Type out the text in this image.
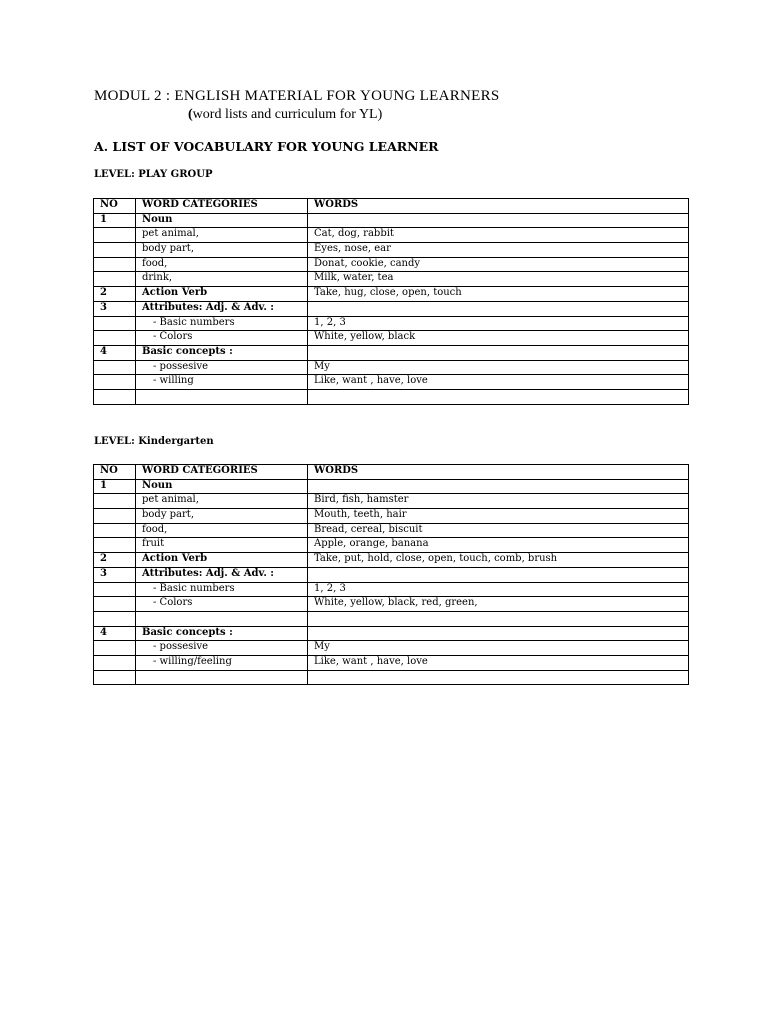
MODUL 2 : ENGLISH MATERIAL FOR YOUNG LEARNERS
(word lists and curriculum for YL)
A. LIST OF VOCABULARY FOR YOUNG LEARNER
LEVEL: PLAY GROUP
NO	WORD CATEGORIES	WORDS
1	Noun	
	pet animal,	Cat, dog, rabbit
	body part,	Eyes, nose, ear
	food,	Donat, cookie, candy
	drink,	Milk, water, tea
2	Action Verb	Take, hug, close, open, touch
3	Attributes: Adj. & Adv. :	
	- Basic numbers	1, 2, 3
	- Colors	White, yellow, black
4	Basic concepts :	
	- possesive	My
	- willing	Like, want , have, love

LEVEL: Kindergarten
NO	WORD CATEGORIES	WORDS
1	Noun	
	pet animal,	Bird, fish, hamster
	body part,	Mouth, teeth, hair
	food,	Bread, cereal, biscuit
	fruit	Apple, orange, banana
2	Action Verb	Take, put, hold, close, open, touch, comb, brush
3	Attributes: Adj. & Adv. :	
	- Basic numbers	1, 2, 3
	- Colors	White, yellow, black, red, green,

4	Basic concepts :	
	- possesive	My
	- willing/feeling	Like, want , have, love
